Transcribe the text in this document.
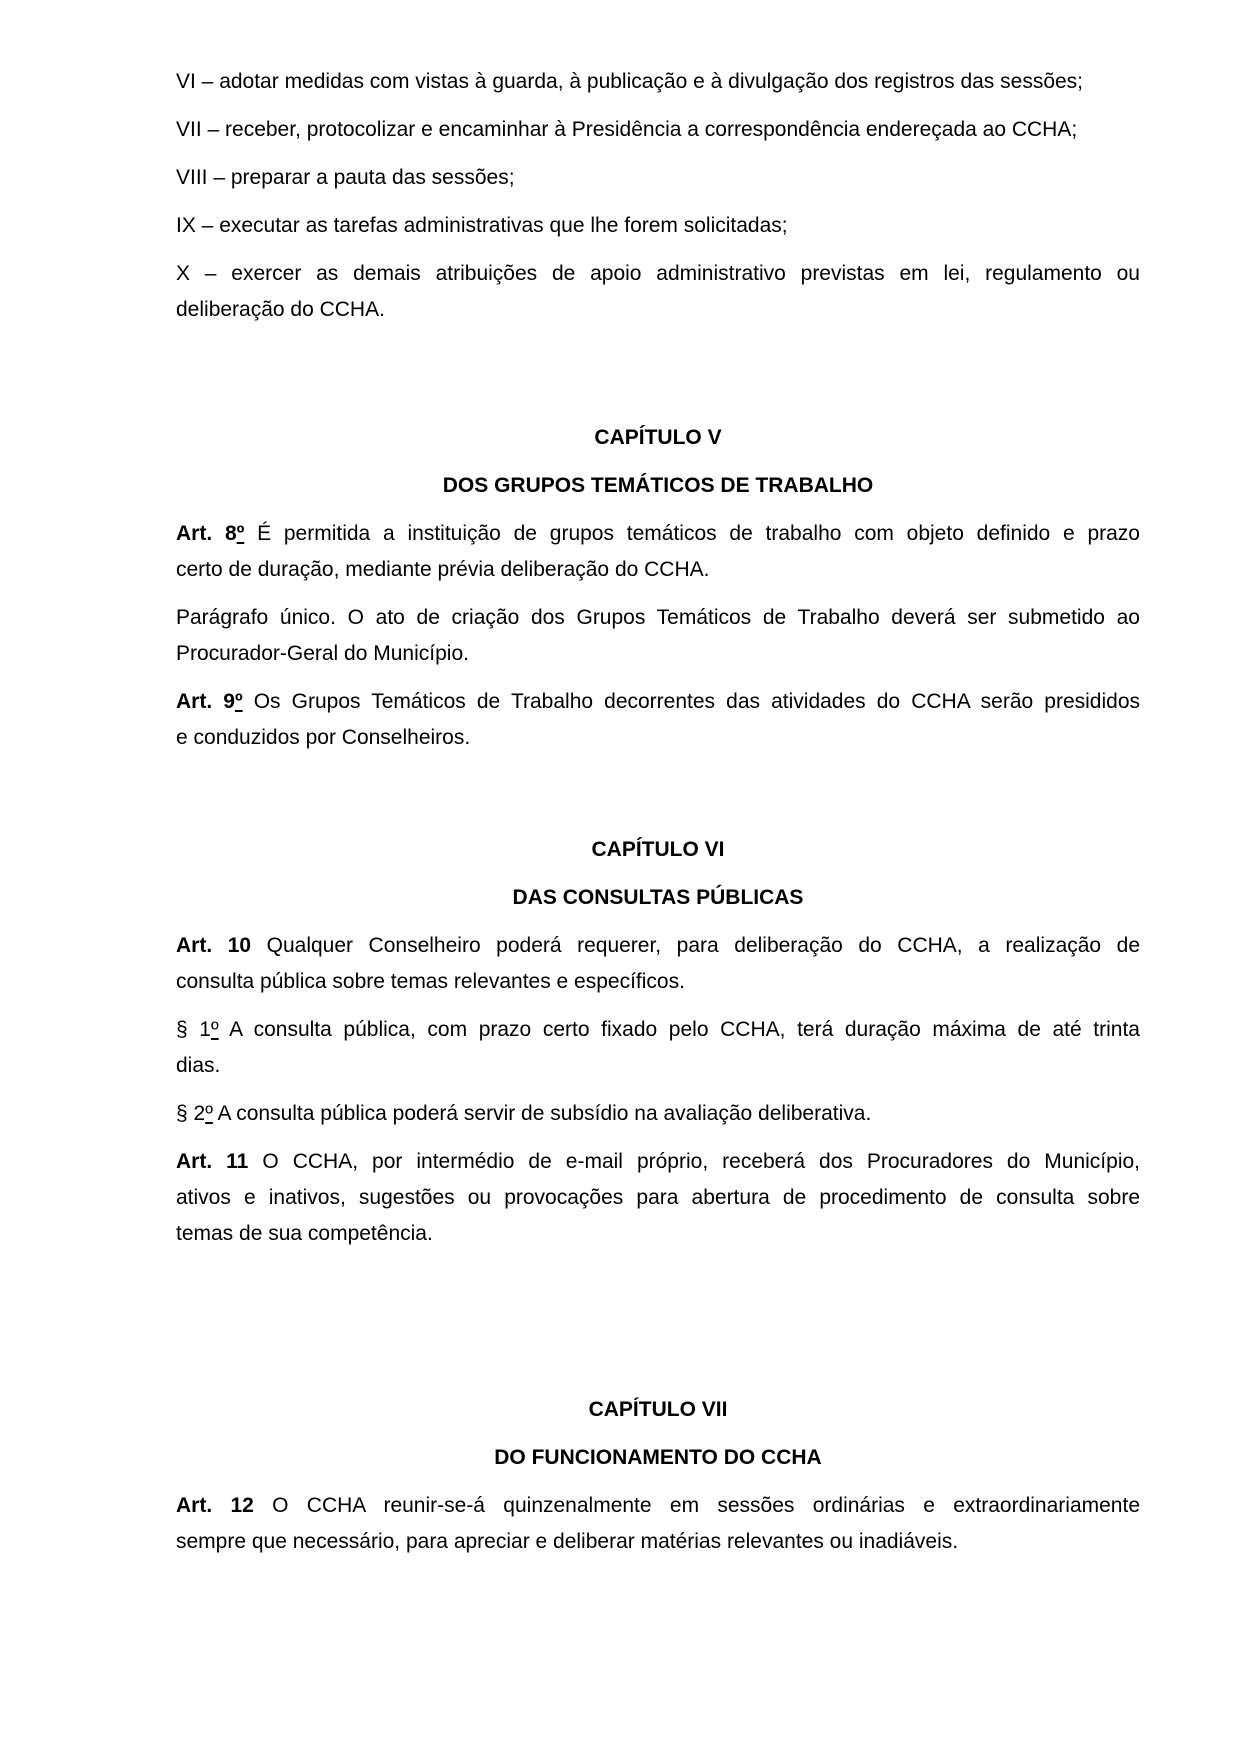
VI – adotar medidas com vistas à guarda, à publicação e à divulgação dos registros das sessões;
VII – receber, protocolizar e encaminhar à Presidência a correspondência endereçada ao CCHA;
VIII – preparar a pauta das sessões;
IX – executar as tarefas administrativas que lhe forem solicitadas;
X – exercer as demais atribuições de apoio administrativo previstas em lei, regulamento ou
deliberação do CCHA.
CAPÍTULO V
DOS GRUPOS TEMÁTICOS DE TRABALHO
Art. 8º É permitida a instituição de grupos temáticos de trabalho com objeto definido e prazo
certo de duração, mediante prévia deliberação do CCHA.
Parágrafo único. O ato de criação dos Grupos Temáticos de Trabalho deverá ser submetido ao
Procurador-Geral do Município.
Art. 9º Os Grupos Temáticos de Trabalho decorrentes das atividades do CCHA serão presididos
e conduzidos por Conselheiros.
CAPÍTULO VI
DAS CONSULTAS PÚBLICAS
Art. 10 Qualquer Conselheiro poderá requerer, para deliberação do CCHA, a realização de
consulta pública sobre temas relevantes e específicos.
§ 1º A consulta pública, com prazo certo fixado pelo CCHA, terá duração máxima de até trinta
dias.
§ 2º A consulta pública poderá servir de subsídio na avaliação deliberativa.
Art. 11 O CCHA, por intermédio de e-mail próprio, receberá dos Procuradores do Município,
ativos e inativos, sugestões ou provocações para abertura de procedimento de consulta sobre
temas de sua competência.
CAPÍTULO VII
DO FUNCIONAMENTO DO CCHA
Art. 12 O CCHA reunir-se-á quinzenalmente em sessões ordinárias e extraordinariamente
sempre que necessário, para apreciar e deliberar matérias relevantes ou inadiáveis.
